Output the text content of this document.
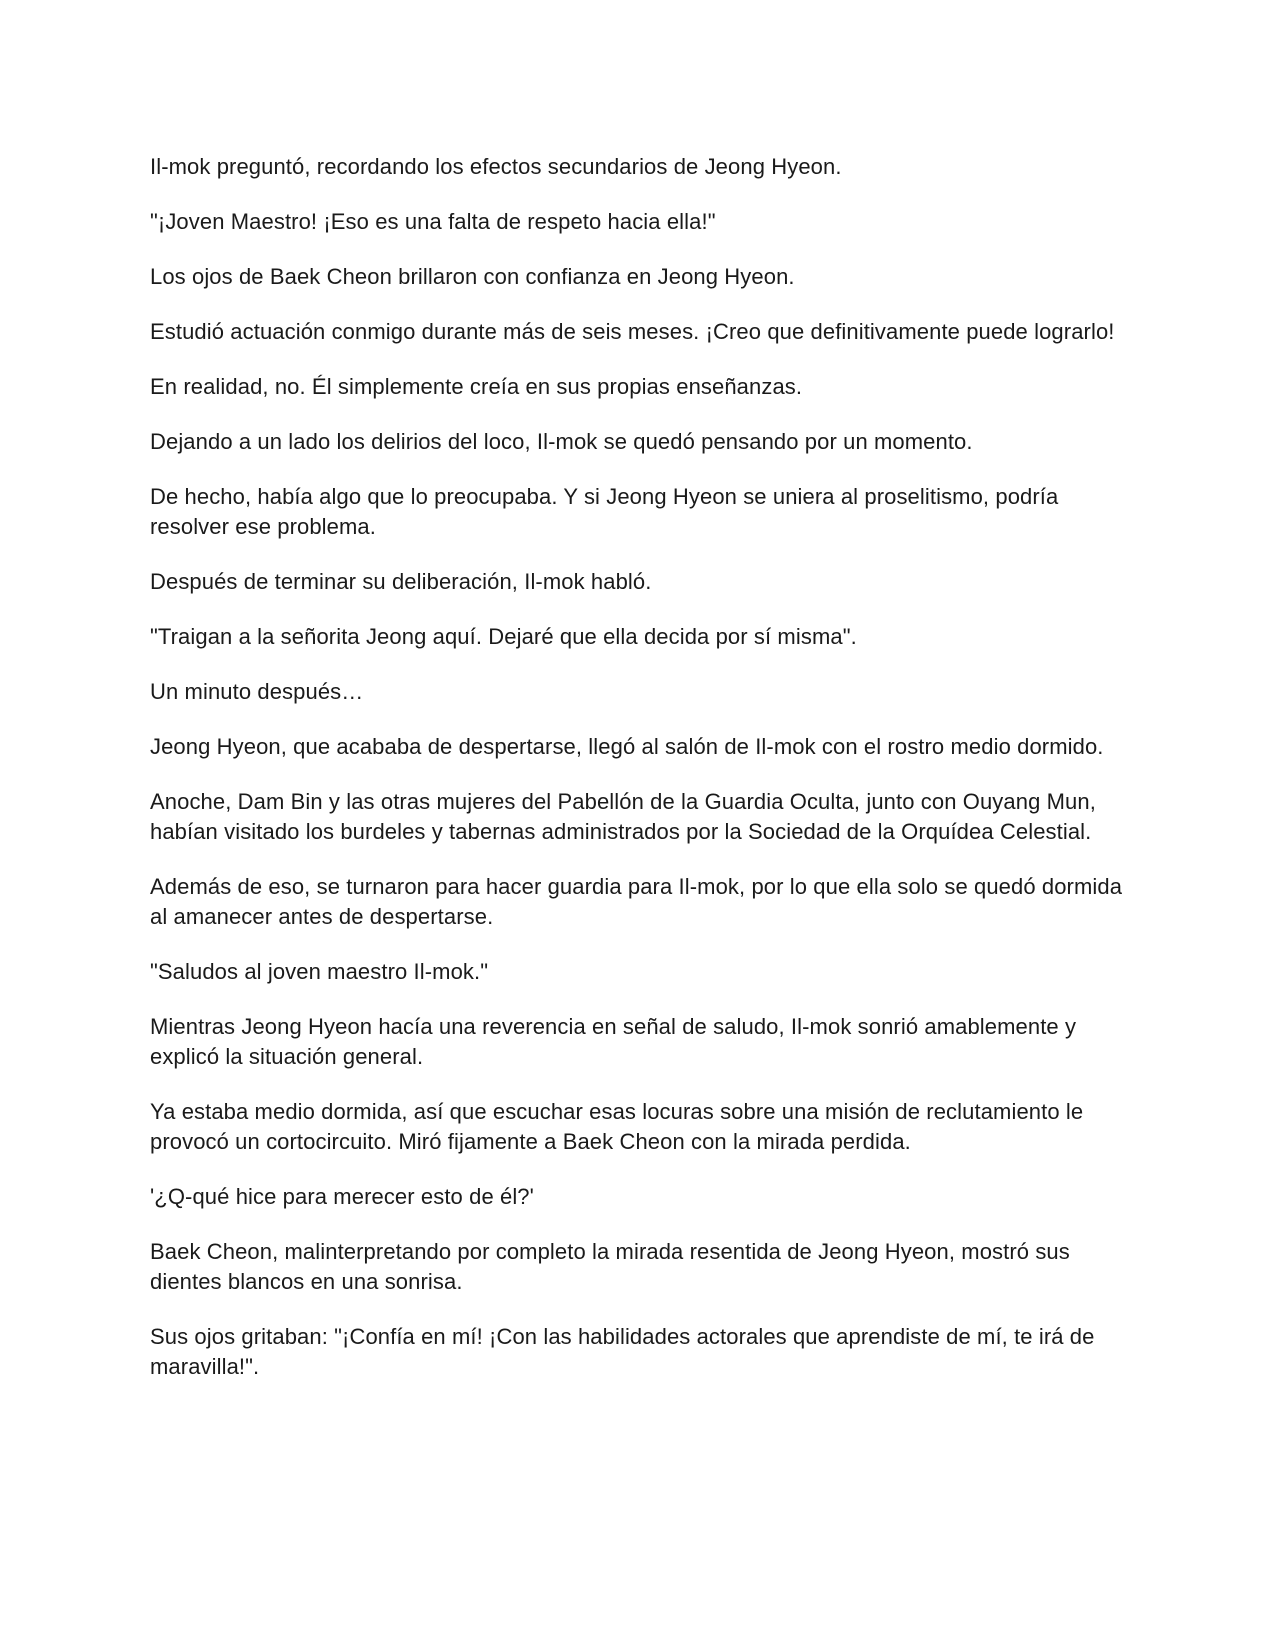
Il-mok preguntó, recordando los efectos secundarios de Jeong Hyeon.

"¡Joven Maestro! ¡Eso es una falta de respeto hacia ella!"

Los ojos de Baek Cheon brillaron con confianza en Jeong Hyeon.

Estudió actuación conmigo durante más de seis meses. ¡Creo que definitivamente puede lograrlo!

En realidad, no. Él simplemente creía en sus propias enseñanzas.

Dejando a un lado los delirios del loco, Il-mok se quedó pensando por un momento.

De hecho, había algo que lo preocupaba. Y si Jeong Hyeon se uniera al proselitismo, podría resolver ese problema.

Después de terminar su deliberación, Il-mok habló.

"Traigan a la señorita Jeong aquí. Dejaré que ella decida por sí misma".

Un minuto después…

Jeong Hyeon, que acababa de despertarse, llegó al salón de Il-mok con el rostro medio dormido.

Anoche, Dam Bin y las otras mujeres del Pabellón de la Guardia Oculta, junto con Ouyang Mun, habían visitado los burdeles y tabernas administrados por la Sociedad de la Orquídea Celestial.

Además de eso, se turnaron para hacer guardia para Il-mok, por lo que ella solo se quedó dormida al amanecer antes de despertarse.

"Saludos al joven maestro Il-mok."

Mientras Jeong Hyeon hacía una reverencia en señal de saludo, Il-mok sonrió amablemente y explicó la situación general.

Ya estaba medio dormida, así que escuchar esas locuras sobre una misión de reclutamiento le provocó un cortocircuito. Miró fijamente a Baek Cheon con la mirada perdida.

'¿Q-qué hice para merecer esto de él?'

Baek Cheon, malinterpretando por completo la mirada resentida de Jeong Hyeon, mostró sus dientes blancos en una sonrisa.

Sus ojos gritaban: "¡Confía en mí! ¡Con las habilidades actorales que aprendiste de mí, te irá de maravilla!".
